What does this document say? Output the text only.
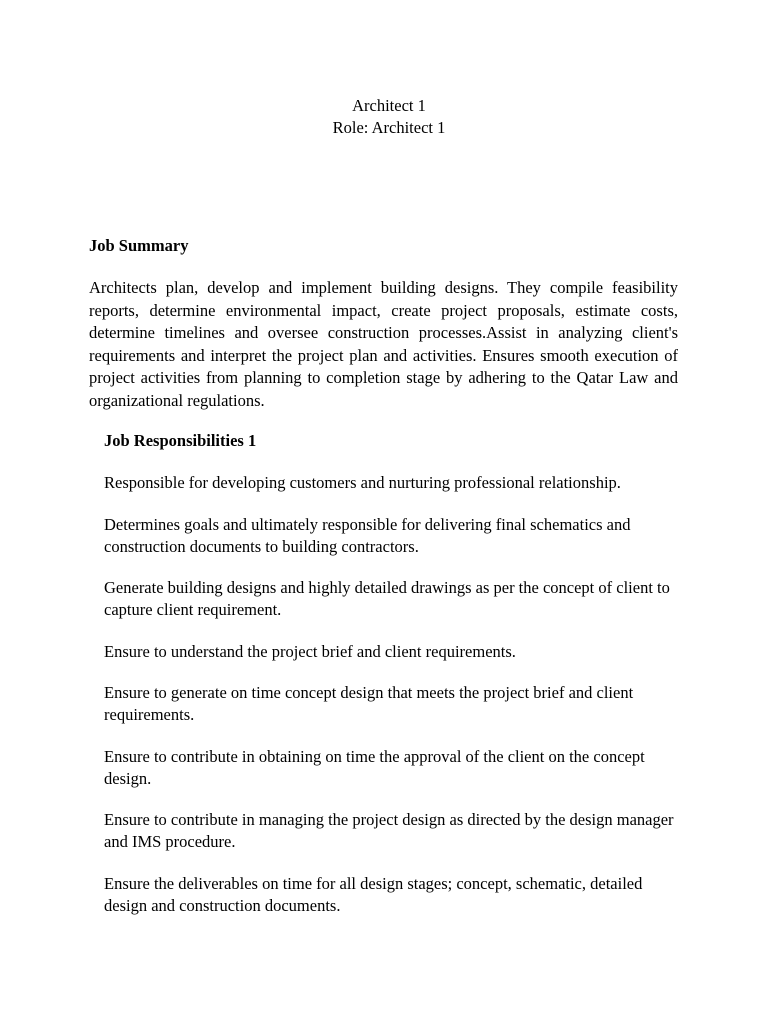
Architect 1
Role: Architect 1
Job Summary
Architects plan, develop and implement building designs. They compile feasibility reports, determine environmental impact, create project proposals, estimate costs, determine timelines and oversee construction processes.Assist in analyzing client's requirements and interpret the project plan and activities. Ensures smooth execution of project activities from planning to completion stage by adhering to the Qatar Law and organizational regulations.
Job Responsibilities 1
Responsible for developing customers and nurturing professional relationship.
Determines goals and ultimately responsible for delivering final schematics and construction documents to building contractors.
Generate building designs and highly detailed drawings as per the concept of client to capture client requirement.
Ensure to understand the project brief and client requirements.
Ensure to generate on time concept design that meets the project brief and client requirements.
Ensure to contribute in obtaining on time the approval of the client on the concept design.
Ensure to contribute in managing the project design as directed by the design manager and IMS procedure.
Ensure the deliverables on time for all design stages; concept, schematic, detailed design and construction documents.
